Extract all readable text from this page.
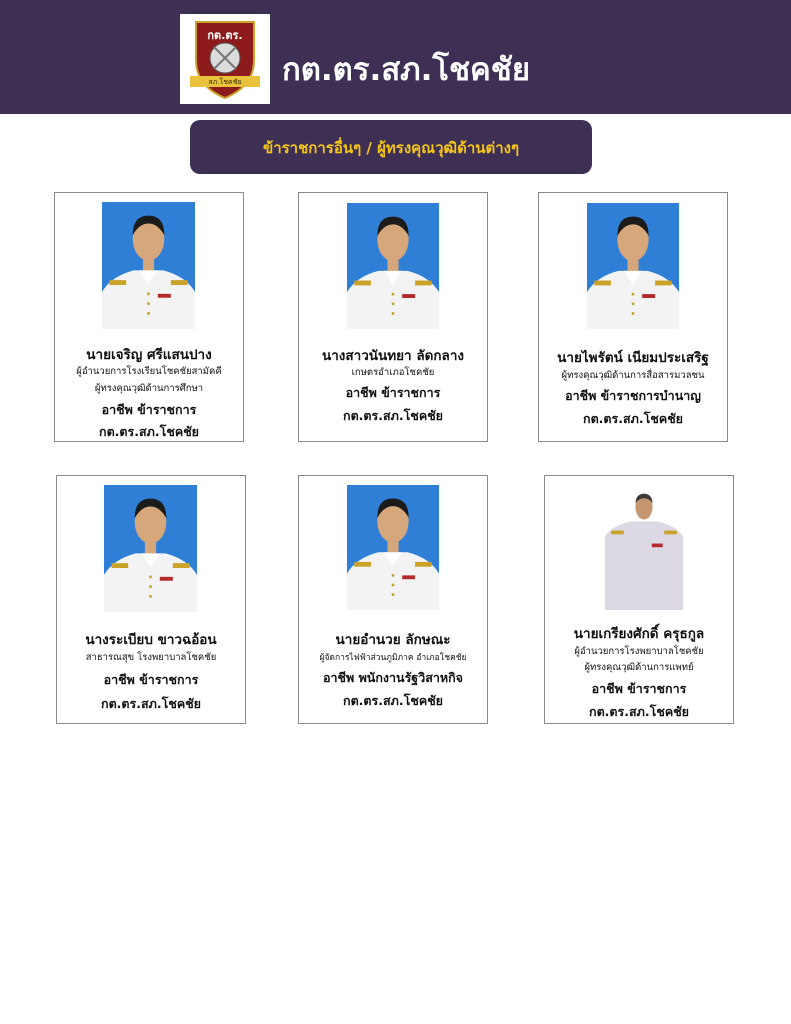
กต.ตร.
สภ.โชคชัย	กต.ตร.สภ.โชคชัย
ข้าราชการอื่นๆ / ผู้ทรงคุณวุฒิด้านต่างๆ
นายเจริญ ศรีแสนปาง
ผู้อำนวยการโรงเรียนโชคชัยสามัคคี
ผู้ทรงคุณวุฒิด้านการศึกษา
อาชีพ ข้าราชการ
กต.ตร.สภ.โชคชัย
นางสาวนันทยา ลัดกลาง
เกษตรอำเภอโชคชัย
อาชีพ ข้าราชการ
กต.ตร.สภ.โชคชัย
นายไพรัตน์ เนียมประเสริฐ
ผู้ทรงคุณวุฒิด้านการสื่อสารมวลชน
อาชีพ ข้าราชการบำนาญ
กต.ตร.สภ.โชคชัย
นางระเบียบ ขาวฉอ้อน
สาธารณสุข โรงพยาบาลโชคชัย
อาชีพ ข้าราชการ
กต.ตร.สภ.โชคชัย
นายอำนวย ลักษณะ
ผู้จัดการไฟฟ้าส่วนภูมิภาค อำเภอโชคชัย
อาชีพ พนักงานรัฐวิสาหกิจ
กต.ตร.สภ.โชคชัย
นายเกรียงศักดิ์ ครุธกูล
ผู้อำนวยการโรงพยาบาลโชคชัย
ผู้ทรงคุณวุฒิด้านการแพทย์
อาชีพ ข้าราชการ
กต.ตร.สภ.โชคชัย
